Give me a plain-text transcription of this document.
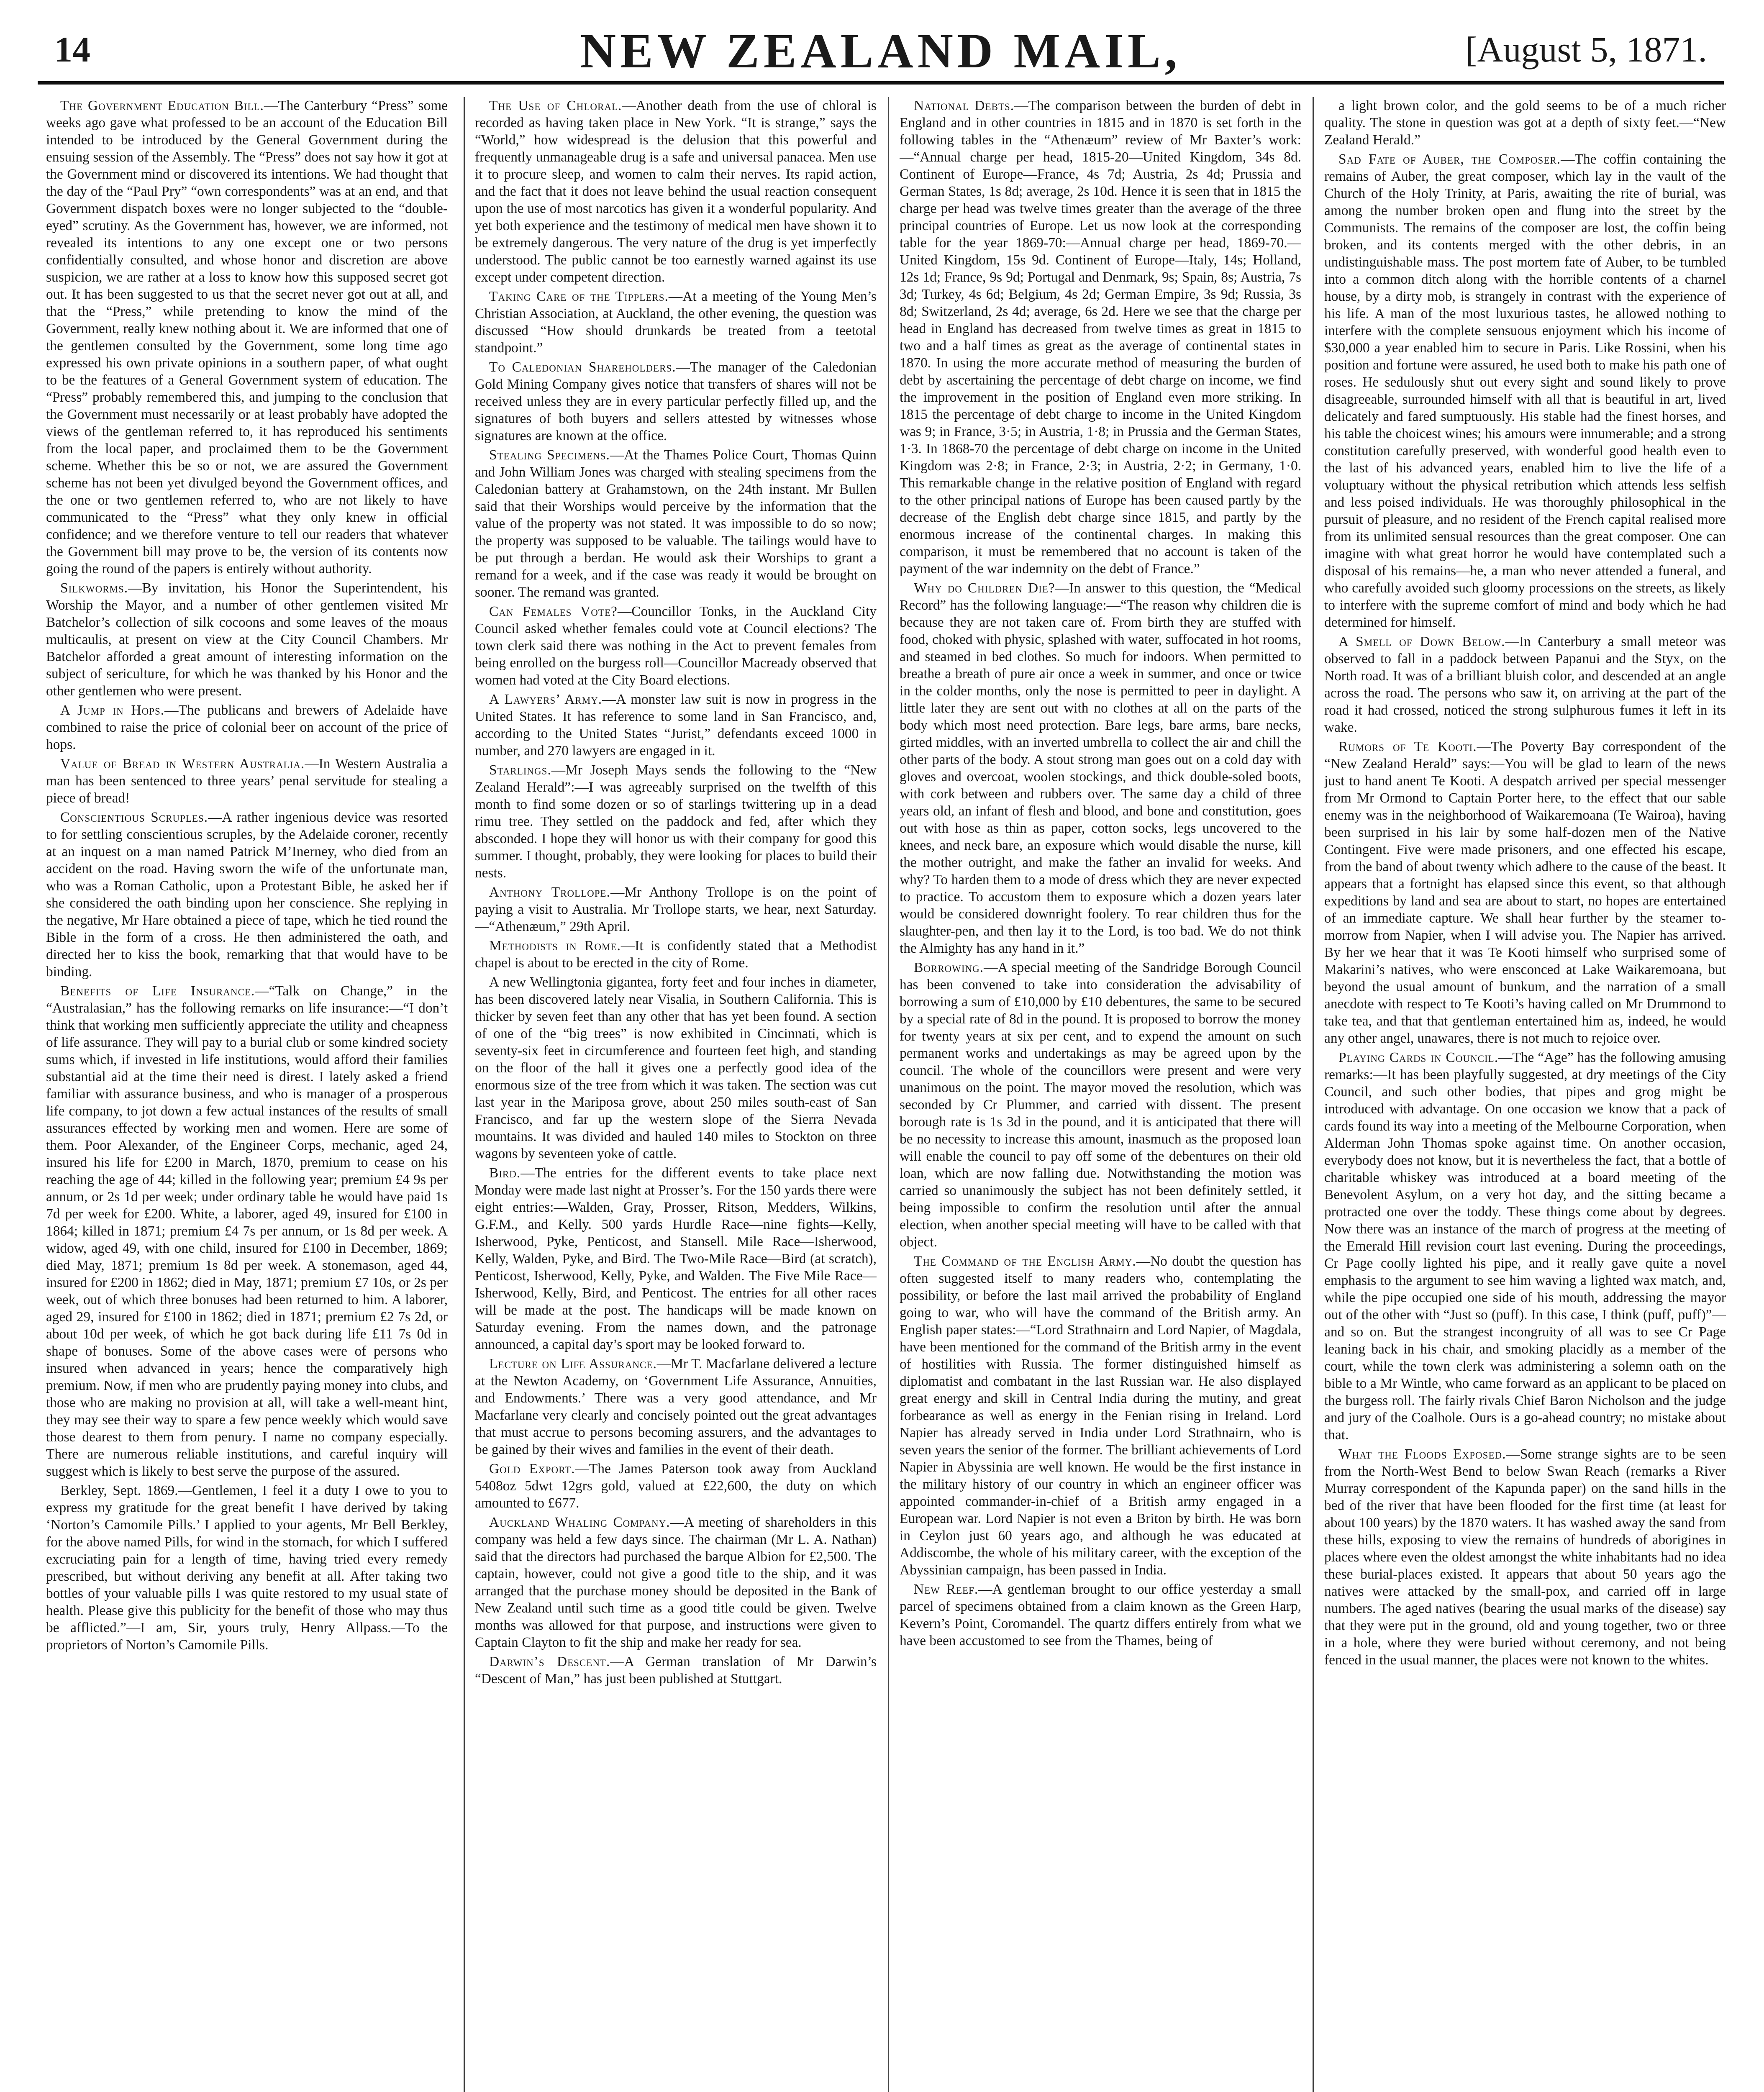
14	NEW ZEALAND MAIL,	[August 5, 1871.

The Government Education Bill.—The Canterbury “Press” some weeks ago gave what professed to be an account of the Education Bill intended to be introduced by the General Government during the ensuing session of the Assembly. The “Press” does not say how it got at the Government mind or discovered its intentions. We had thought that the day of the “Paul Pry” “own correspondents” was at an end, and that Government dispatch boxes were no longer subjected to the “double-eyed” scrutiny. As the Government has, however, we are informed, not revealed its intentions to any one except one or two persons confidentially consulted, and whose honor and discretion are above suspicion, we are rather at a loss to know how this supposed secret got out. It has been suggested to us that the secret never got out at all, and that the “Press,” while pretending to know the mind of the Government, really knew nothing about it. We are informed that one of the gentlemen consulted by the Government, some long time ago expressed his own private opinions in a southern paper, of what ought to be the features of a General Government system of education. The “Press” probably remembered this, and jumping to the conclusion that the Government must necessarily or at least probably have adopted the views of the gentleman referred to, it has reproduced his sentiments from the local paper, and proclaimed them to be the Government scheme. Whether this be so or not, we are assured the Government scheme has not been yet divulged beyond the Government offices, and the one or two gentlemen referred to, who are not likely to have communicated to the “Press” what they only knew in official confidence; and we therefore venture to tell our readers that whatever the Government bill may prove to be, the version of its contents now going the round of the papers is entirely without authority.

Silkworms.—By invitation, his Honor the Superintendent, his Worship the Mayor, and a number of other gentlemen visited Mr Batchelor’s collection of silk cocoons and some leaves of the moaus multicaulis, at present on view at the City Council Chambers. Mr Batchelor afforded a great amount of interesting information on the subject of sericulture, for which he was thanked by his Honor and the other gentlemen who were present.

A Jump in Hops.—The publicans and brewers of Adelaide have combined to raise the price of colonial beer on account of the price of hops.

Value of Bread in Western Australia.—In Western Australia a man has been sentenced to three years’ penal servitude for stealing a piece of bread!

Conscientious Scruples.—A rather ingenious device was resorted to for settling conscientious scruples, by the Adelaide coroner, recently at an inquest on a man named Patrick M’Inerney, who died from an accident on the road. Having sworn the wife of the unfortunate man, who was a Roman Catholic, upon a Protestant Bible, he asked her if she considered the oath binding upon her conscience. She replying in the negative, Mr Hare obtained a piece of tape, which he tied round the Bible in the form of a cross. He then administered the oath, and directed her to kiss the book, remarking that that would have to be binding.

Benefits of Life Insurance.—“Talk on Change,” in the “Australasian,” has the following remarks on life insurance:—“I don’t think that working men sufficiently appreciate the utility and cheapness of life assurance. They will pay to a burial club or some kindred society sums which, if invested in life institutions, would afford their families substantial aid at the time their need is direst. I lately asked a friend familiar with assurance business, and who is manager of a prosperous life company, to jot down a few actual instances of the results of small assurances effected by working men and women. Here are some of them. Poor Alexander, of the Engineer Corps, mechanic, aged 24, insured his life for £200 in March, 1870, premium to cease on his reaching the age of 44; killed in the following year; premium £4 9s per annum, or 2s 1d per week; under ordinary table he would have paid 1s 7d per week for £200. White, a laborer, aged 49, insured for £100 in 1864; killed in 1871; premium £4 7s per annum, or 1s 8d per week. A widow, aged 49, with one child, insured for £100 in December, 1869; died May, 1871; premium 1s 8d per week. A stonemason, aged 44, insured for £200 in 1862; died in May, 1871; premium £7 10s, or 2s per week, out of which three bonuses had been returned to him. A laborer, aged 29, insured for £100 in 1862; died in 1871; premium £2 7s 2d, or about 10d per week, of which he got back during life £11 7s 0d in shape of bonuses. Some of the above cases were of persons who insured when advanced in years; hence the comparatively high premium. Now, if men who are prudently paying money into clubs, and those who are making no provision at all, will take a well-meant hint, they may see their way to spare a few pence weekly which would save those dearest to them from penury. I name no company especially. There are numerous reliable institutions, and careful inquiry will suggest which is likely to best serve the purpose of the assured.

Berkley, Sept. 1869.—Gentlemen, I feel it a duty I owe to you to express my gratitude for the great benefit I have derived by taking ‘Norton’s Camomile Pills.’ I applied to your agents, Mr Bell Berkley, for the above named Pills, for wind in the stomach, for which I suffered excruciating pain for a length of time, having tried every remedy prescribed, but without deriving any benefit at all. After taking two bottles of your valuable pills I was quite restored to my usual state of health. Please give this publicity for the benefit of those who may thus be afflicted.”—I am, Sir, yours truly, Henry Allpass.—To the proprietors of Norton’s Camomile Pills.

The Use of Chloral.—Another death from the use of chloral is recorded as having taken place in New York. “It is strange,” says the “World,” how widespread is the delusion that this powerful and frequently unmanageable drug is a safe and universal panacea. Men use it to procure sleep, and women to calm their nerves. Its rapid action, and the fact that it does not leave behind the usual reaction consequent upon the use of most narcotics has given it a wonderful popularity. And yet both experience and the testimony of medical men have shown it to be extremely dangerous. The very nature of the drug is yet imperfectly understood. The public cannot be too earnestly warned against its use except under competent direction.

Taking Care of the Tipplers.—At a meeting of the Young Men’s Christian Association, at Auckland, the other evening, the question was discussed “How should drunkards be treated from a teetotal standpoint.”

To Caledonian Shareholders.—The manager of the Caledonian Gold Mining Company gives notice that transfers of shares will not be received unless they are in every particular perfectly filled up, and the signatures of both buyers and sellers attested by witnesses whose signatures are known at the office.

Stealing Specimens.—At the Thames Police Court, Thomas Quinn and John William Jones was charged with stealing specimens from the Caledonian battery at Grahamstown, on the 24th instant. Mr Bullen said that their Worships would perceive by the information that the value of the property was not stated. It was impossible to do so now; the property was supposed to be valuable. The tailings would have to be put through a berdan. He would ask their Worships to grant a remand for a week, and if the case was ready it would be brought on sooner. The remand was granted.

Can Females Vote?—Councillor Tonks, in the Auckland City Council asked whether females could vote at Council elections? The town clerk said there was nothing in the Act to prevent females from being enrolled on the burgess roll—Councillor Macready observed that women had voted at the City Board elections.

A Lawyers’ Army.—A monster law suit is now in progress in the United States. It has reference to some land in San Francisco, and, according to the United States “Jurist,” defendants exceed 1000 in number, and 270 lawyers are engaged in it.

Starlings.—Mr Joseph Mays sends the following to the “New Zealand Herald”:—I was agreeably surprised on the twelfth of this month to find some dozen or so of starlings twittering up in a dead rimu tree. They settled on the paddock and fed, after which they absconded. I hope they will honor us with their company for good this summer. I thought, probably, they were looking for places to build their nests.

Anthony Trollope.—Mr Anthony Trollope is on the point of paying a visit to Australia. Mr Trollope starts, we hear, next Saturday.—“Athenæum,” 29th April.

Methodists in Rome.—It is confidently stated that a Methodist chapel is about to be erected in the city of Rome.

A new Wellingtonia gigantea, forty feet and four inches in diameter, has been discovered lately near Visalia, in Southern California. This is thicker by seven feet than any other that has yet been found. A section of one of the “big trees” is now exhibited in Cincinnati, which is seventy-six feet in circumference and fourteen feet high, and standing on the floor of the hall it gives one a perfectly good idea of the enormous size of the tree from which it was taken. The section was cut last year in the Mariposa grove, about 250 miles south-east of San Francisco, and far up the western slope of the Sierra Nevada mountains. It was divided and hauled 140 miles to Stockton on three wagons by seventeen yoke of cattle.

Bird.—The entries for the different events to take place next Monday were made last night at Prosser’s. For the 150 yards there were eight entries:—Walden, Gray, Prosser, Ritson, Medders, Wilkins, G.F.M., and Kelly. 500 yards Hurdle Race—nine fights—Kelly, Isherwood, Pyke, Penticost, and Stansell. Mile Race—Isherwood, Kelly, Walden, Pyke, and Bird. The Two-Mile Race—Bird (at scratch), Penticost, Isherwood, Kelly, Pyke, and Walden. The Five Mile Race—Isherwood, Kelly, Bird, and Penticost. The entries for all other races will be made at the post. The handicaps will be made known on Saturday evening. From the names down, and the patronage announced, a capital day’s sport may be looked forward to.

Lecture on Life Assurance.—Mr T. Macfarlane delivered a lecture at the Newton Academy, on ‘Government Life Assurance, Annuities, and Endowments.’ There was a very good attendance, and Mr Macfarlane very clearly and concisely pointed out the great advantages that must accrue to persons becoming assurers, and the advantages to be gained by their wives and families in the event of their death.

Gold Export.—The James Paterson took away from Auckland 5408oz 5dwt 12grs gold, valued at £22,600, the duty on which amounted to £677.

Auckland Whaling Company.—A meeting of shareholders in this company was held a few days since. The chairman (Mr L. A. Nathan) said that the directors had purchased the barque Albion for £2,500. The captain, however, could not give a good title to the ship, and it was arranged that the purchase money should be deposited in the Bank of New Zealand until such time as a good title could be given. Twelve months was allowed for that purpose, and instructions were given to Captain Clayton to fit the ship and make her ready for sea.

Darwin’s Descent.—A German translation of Mr Darwin’s “Descent of Man,” has just been published at Stuttgart.

National Debts.—The comparison between the burden of debt in England and in other countries in 1815 and in 1870 is set forth in the following tables in the “Athenæum” review of Mr Baxter’s work:—“Annual charge per head, 1815-20—United Kingdom, 34s 8d. Continent of Europe—France, 4s 7d; Austria, 2s 4d; Prussia and German States, 1s 8d; average, 2s 10d. Hence it is seen that in 1815 the charge per head was twelve times greater than the average of the three principal countries of Europe. Let us now look at the corresponding table for the year 1869-70:—Annual charge per head, 1869-70.—United Kingdom, 15s 9d. Continent of Europe—Italy, 14s; Holland, 12s 1d; France, 9s 9d; Portugal and Denmark, 9s; Spain, 8s; Austria, 7s 3d; Turkey, 4s 6d; Belgium, 4s 2d; German Empire, 3s 9d; Russia, 3s 8d; Switzerland, 2s 4d; average, 6s 2d. Here we see that the charge per head in England has decreased from twelve times as great in 1815 to two and a half times as great as the average of continental states in 1870. In using the more accurate method of measuring the burden of debt by ascertaining the percentage of debt charge on income, we find the improvement in the position of England even more striking. In 1815 the percentage of debt charge to income in the United Kingdom was 9; in France, 3·5; in Austria, 1·8; in Prussia and the German States, 1·3. In 1868-70 the percentage of debt charge on income in the United Kingdom was 2·8; in France, 2·3; in Austria, 2·2; in Germany, 1·0. This remarkable change in the relative position of England with regard to the other principal nations of Europe has been caused partly by the decrease of the English debt charge since 1815, and partly by the enormous increase of the continental charges. In making this comparison, it must be remembered that no account is taken of the payment of the war indemnity on the debt of France.”

Why do Children Die?—In answer to this question, the “Medical Record” has the following language:—“The reason why children die is because they are not taken care of. From birth they are stuffed with food, choked with physic, splashed with water, suffocated in hot rooms, and steamed in bed clothes. So much for indoors. When permitted to breathe a breath of pure air once a week in summer, and once or twice in the colder months, only the nose is permitted to peer in daylight. A little later they are sent out with no clothes at all on the parts of the body which most need protection. Bare legs, bare arms, bare necks, girted middles, with an inverted umbrella to collect the air and chill the other parts of the body. A stout strong man goes out on a cold day with gloves and overcoat, woolen stockings, and thick double-soled boots, with cork between and rubbers over. The same day a child of three years old, an infant of flesh and blood, and bone and constitution, goes out with hose as thin as paper, cotton socks, legs uncovered to the knees, and neck bare, an exposure which would disable the nurse, kill the mother outright, and make the father an invalid for weeks. And why? To harden them to a mode of dress which they are never expected to practice. To accustom them to exposure which a dozen years later would be considered downright foolery. To rear children thus for the slaughter-pen, and then lay it to the Lord, is too bad. We do not think the Almighty has any hand in it.”

Borrowing.—A special meeting of the Sandridge Borough Council has been convened to take into consideration the advisability of borrowing a sum of £10,000 by £10 debentures, the same to be secured by a special rate of 8d in the pound. It is proposed to borrow the money for twenty years at six per cent, and to expend the amount on such permanent works and undertakings as may be agreed upon by the council. The whole of the councillors were present and were very unanimous on the point. The mayor moved the resolution, which was seconded by Cr Plummer, and carried with dissent. The present borough rate is 1s 3d in the pound, and it is anticipated that there will be no necessity to increase this amount, inasmuch as the proposed loan will enable the council to pay off some of the debentures on their old loan, which are now falling due. Notwithstanding the motion was carried so unanimously the subject has not been definitely settled, it being impossible to confirm the resolution until after the annual election, when another special meeting will have to be called with that object.

The Command of the English Army.—No doubt the question has often suggested itself to many readers who, contemplating the possibility, or before the last mail arrived the probability of England going to war, who will have the command of the British army. An English paper states:—“Lord Strathnairn and Lord Napier, of Magdala, have been mentioned for the command of the British army in the event of hostilities with Russia. The former distinguished himself as diplomatist and combatant in the last Russian war. He also displayed great energy and skill in Central India during the mutiny, and great forbearance as well as energy in the Fenian rising in Ireland. Lord Napier has already served in India under Lord Strathnairn, who is seven years the senior of the former. The brilliant achievements of Lord Napier in Abyssinia are well known. He would be the first instance in the military history of our country in which an engineer officer was appointed commander-in-chief of a British army engaged in a European war. Lord Napier is not even a Briton by birth. He was born in Ceylon just 60 years ago, and although he was educated at Addiscombe, the whole of his military career, with the exception of the Abyssinian campaign, has been passed in India.

New Reef.—A gentleman brought to our office yesterday a small parcel of specimens obtained from a claim known as the Green Harp, Kevern’s Point, Coromandel. The quartz differs entirely from what we have been accustomed to see from the Thames, being of

a light brown color, and the gold seems to be of a much richer quality. The stone in question was got at a depth of sixty feet.—“New Zealand Herald.”

Sad Fate of Auber, the Composer.—The coffin containing the remains of Auber, the great composer, which lay in the vault of the Church of the Holy Trinity, at Paris, awaiting the rite of burial, was among the number broken open and flung into the street by the Communists. The remains of the composer are lost, the coffin being broken, and its contents merged with the other debris, in an undistinguishable mass. The post mortem fate of Auber, to be tumbled into a common ditch along with the horrible contents of a charnel house, by a dirty mob, is strangely in contrast with the experience of his life. A man of the most luxurious tastes, he allowed nothing to interfere with the complete sensuous enjoyment which his income of $30,000 a year enabled him to secure in Paris. Like Rossini, when his position and fortune were assured, he used both to make his path one of roses. He sedulously shut out every sight and sound likely to prove disagreeable, surrounded himself with all that is beautiful in art, lived delicately and fared sumptuously. His stable had the finest horses, and his table the choicest wines; his amours were innumerable; and a strong constitution carefully preserved, with wonderful good health even to the last of his advanced years, enabled him to live the life of a voluptuary without the physical retribution which attends less selfish and less poised individuals. He was thoroughly philosophical in the pursuit of pleasure, and no resident of the French capital realised more from its unlimited sensual resources than the great composer. One can imagine with what great horror he would have contemplated such a disposal of his remains—he, a man who never attended a funeral, and who carefully avoided such gloomy processions on the streets, as likely to interfere with the supreme comfort of mind and body which he had determined for himself.

A Smell of Down Below.—In Canterbury a small meteor was observed to fall in a paddock between Papanui and the Styx, on the North road. It was of a brilliant bluish color, and descended at an angle across the road. The persons who saw it, on arriving at the part of the road it had crossed, noticed the strong sulphurous fumes it left in its wake.

Rumors of Te Kooti.—The Poverty Bay correspondent of the “New Zealand Herald” says:—You will be glad to learn of the news just to hand anent Te Kooti. A despatch arrived per special messenger from Mr Ormond to Captain Porter here, to the effect that our sable enemy was in the neighborhood of Waikaremoana (Te Wairoa), having been surprised in his lair by some half-dozen men of the Native Contingent. Five were made prisoners, and one effected his escape, from the band of about twenty which adhere to the cause of the beast. It appears that a fortnight has elapsed since this event, so that although expeditions by land and sea are about to start, no hopes are entertained of an immediate capture. We shall hear further by the steamer to-morrow from Napier, when I will advise you. The Napier has arrived. By her we hear that it was Te Kooti himself who surprised some of Makarini’s natives, who were ensconced at Lake Waikaremoana, but beyond the usual amount of bunkum, and the narration of a small anecdote with respect to Te Kooti’s having called on Mr Drummond to take tea, and that that gentleman entertained him as, indeed, he would any other angel, unawares, there is not much to rejoice over.

Playing Cards in Council.—The “Age” has the following amusing remarks:—It has been playfully suggested, at dry meetings of the City Council, and such other bodies, that pipes and grog might be introduced with advantage. On one occasion we know that a pack of cards found its way into a meeting of the Melbourne Corporation, when Alderman John Thomas spoke against time. On another occasion, everybody does not know, but it is nevertheless the fact, that a bottle of charitable whiskey was introduced at a board meeting of the Benevolent Asylum, on a very hot day, and the sitting became a protracted one over the toddy. These things come about by degrees. Now there was an instance of the march of progress at the meeting of the Emerald Hill revision court last evening. During the proceedings, Cr Page coolly lighted his pipe, and it really gave quite a novel emphasis to the argument to see him waving a lighted wax match, and, while the pipe occupied one side of his mouth, addressing the mayor out of the other with “Just so (puff). In this case, I think (puff, puff)”—and so on. But the strangest incongruity of all was to see Cr Page leaning back in his chair, and smoking placidly as a member of the court, while the town clerk was administering a solemn oath on the bible to a Mr Wintle, who came forward as an applicant to be placed on the burgess roll. The fairly rivals Chief Baron Nicholson and the judge and jury of the Coalhole. Ours is a go-ahead country; no mistake about that.

What the Floods Exposed.—Some strange sights are to be seen from the North-West Bend to below Swan Reach (remarks a River Murray correspondent of the Kapunda paper) on the sand hills in the bed of the river that have been flooded for the first time (at least for about 100 years) by the 1870 waters. It has washed away the sand from these hills, exposing to view the remains of hundreds of aborigines in places where even the oldest amongst the white inhabitants had no idea these burial-places existed. It appears that about 50 years ago the natives were attacked by the small-pox, and carried off in large numbers. The aged natives (bearing the usual marks of the disease) say that they were put in the ground, old and young together, two or three in a hole, where they were buried without ceremony, and not being fenced in the usual manner, the places were not known to the whites.
